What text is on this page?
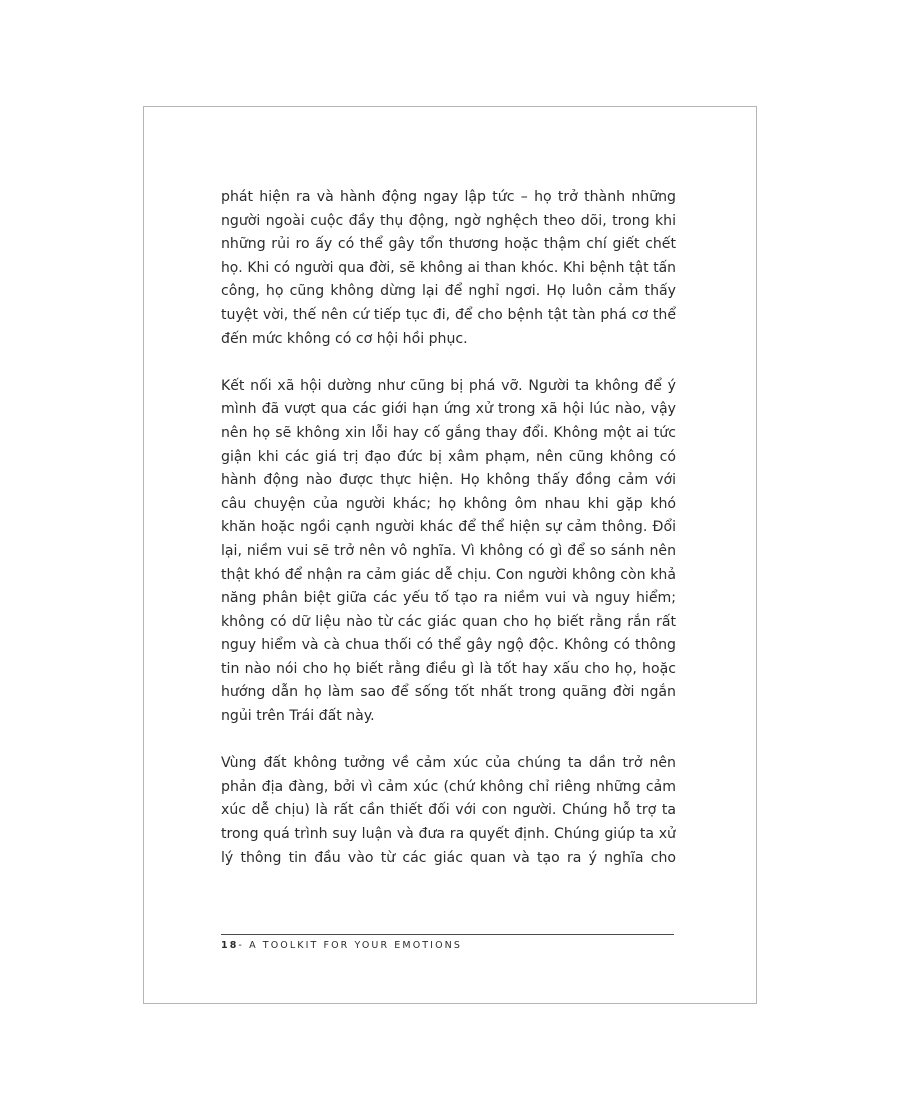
phát hiện ra và hành động ngay lập tức – họ trở thành những
người ngoài cuộc đầy thụ động, ngờ nghệch theo dõi, trong khi
những rủi ro ấy có thể gây tổn thương hoặc thậm chí giết chết
họ. Khi có người qua đời, sẽ không ai than khóc. Khi bệnh tật tấn
công, họ cũng không dừng lại để nghỉ ngơi. Họ luôn cảm thấy
tuyệt vời, thế nên cứ tiếp tục đi, để cho bệnh tật tàn phá cơ thể
đến mức không có cơ hội hồi phục.
Kết nối xã hội dường như cũng bị phá vỡ. Người ta không để ý
mình đã vượt qua các giới hạn ứng xử trong xã hội lúc nào, vậy
nên họ sẽ không xin lỗi hay cố gắng thay đổi. Không một ai tức
giận khi các giá trị đạo đức bị xâm phạm, nên cũng không có
hành động nào được thực hiện. Họ không thấy đồng cảm với
câu chuyện của người khác; họ không ôm nhau khi gặp khó
khăn hoặc ngồi cạnh người khác để thể hiện sự cảm thông. Đổi
lại, niềm vui sẽ trở nên vô nghĩa. Vì không có gì để so sánh nên
thật khó để nhận ra cảm giác dễ chịu. Con người không còn khả
năng phân biệt giữa các yếu tố tạo ra niềm vui và nguy hiểm;
không có dữ liệu nào từ các giác quan cho họ biết rằng rắn rất
nguy hiểm và cà chua thối có thể gây ngộ độc. Không có thông
tin nào nói cho họ biết rằng điều gì là tốt hay xấu cho họ, hoặc
hướng dẫn họ làm sao để sống tốt nhất trong quãng đời ngắn
ngủi trên Trái đất này.
Vùng đất không tưởng về cảm xúc của chúng ta dần trở nên
phản địa đàng, bởi vì cảm xúc (chứ không chỉ riêng những cảm
xúc dễ chịu) là rất cần thiết đối với con người. Chúng hỗ trợ ta
trong quá trình suy luận và đưa ra quyết định. Chúng giúp ta xử
lý thông tin đầu vào từ các giác quan và tạo ra ý nghĩa cho
18- A TOOLKIT FOR YOUR EMOTIONS
